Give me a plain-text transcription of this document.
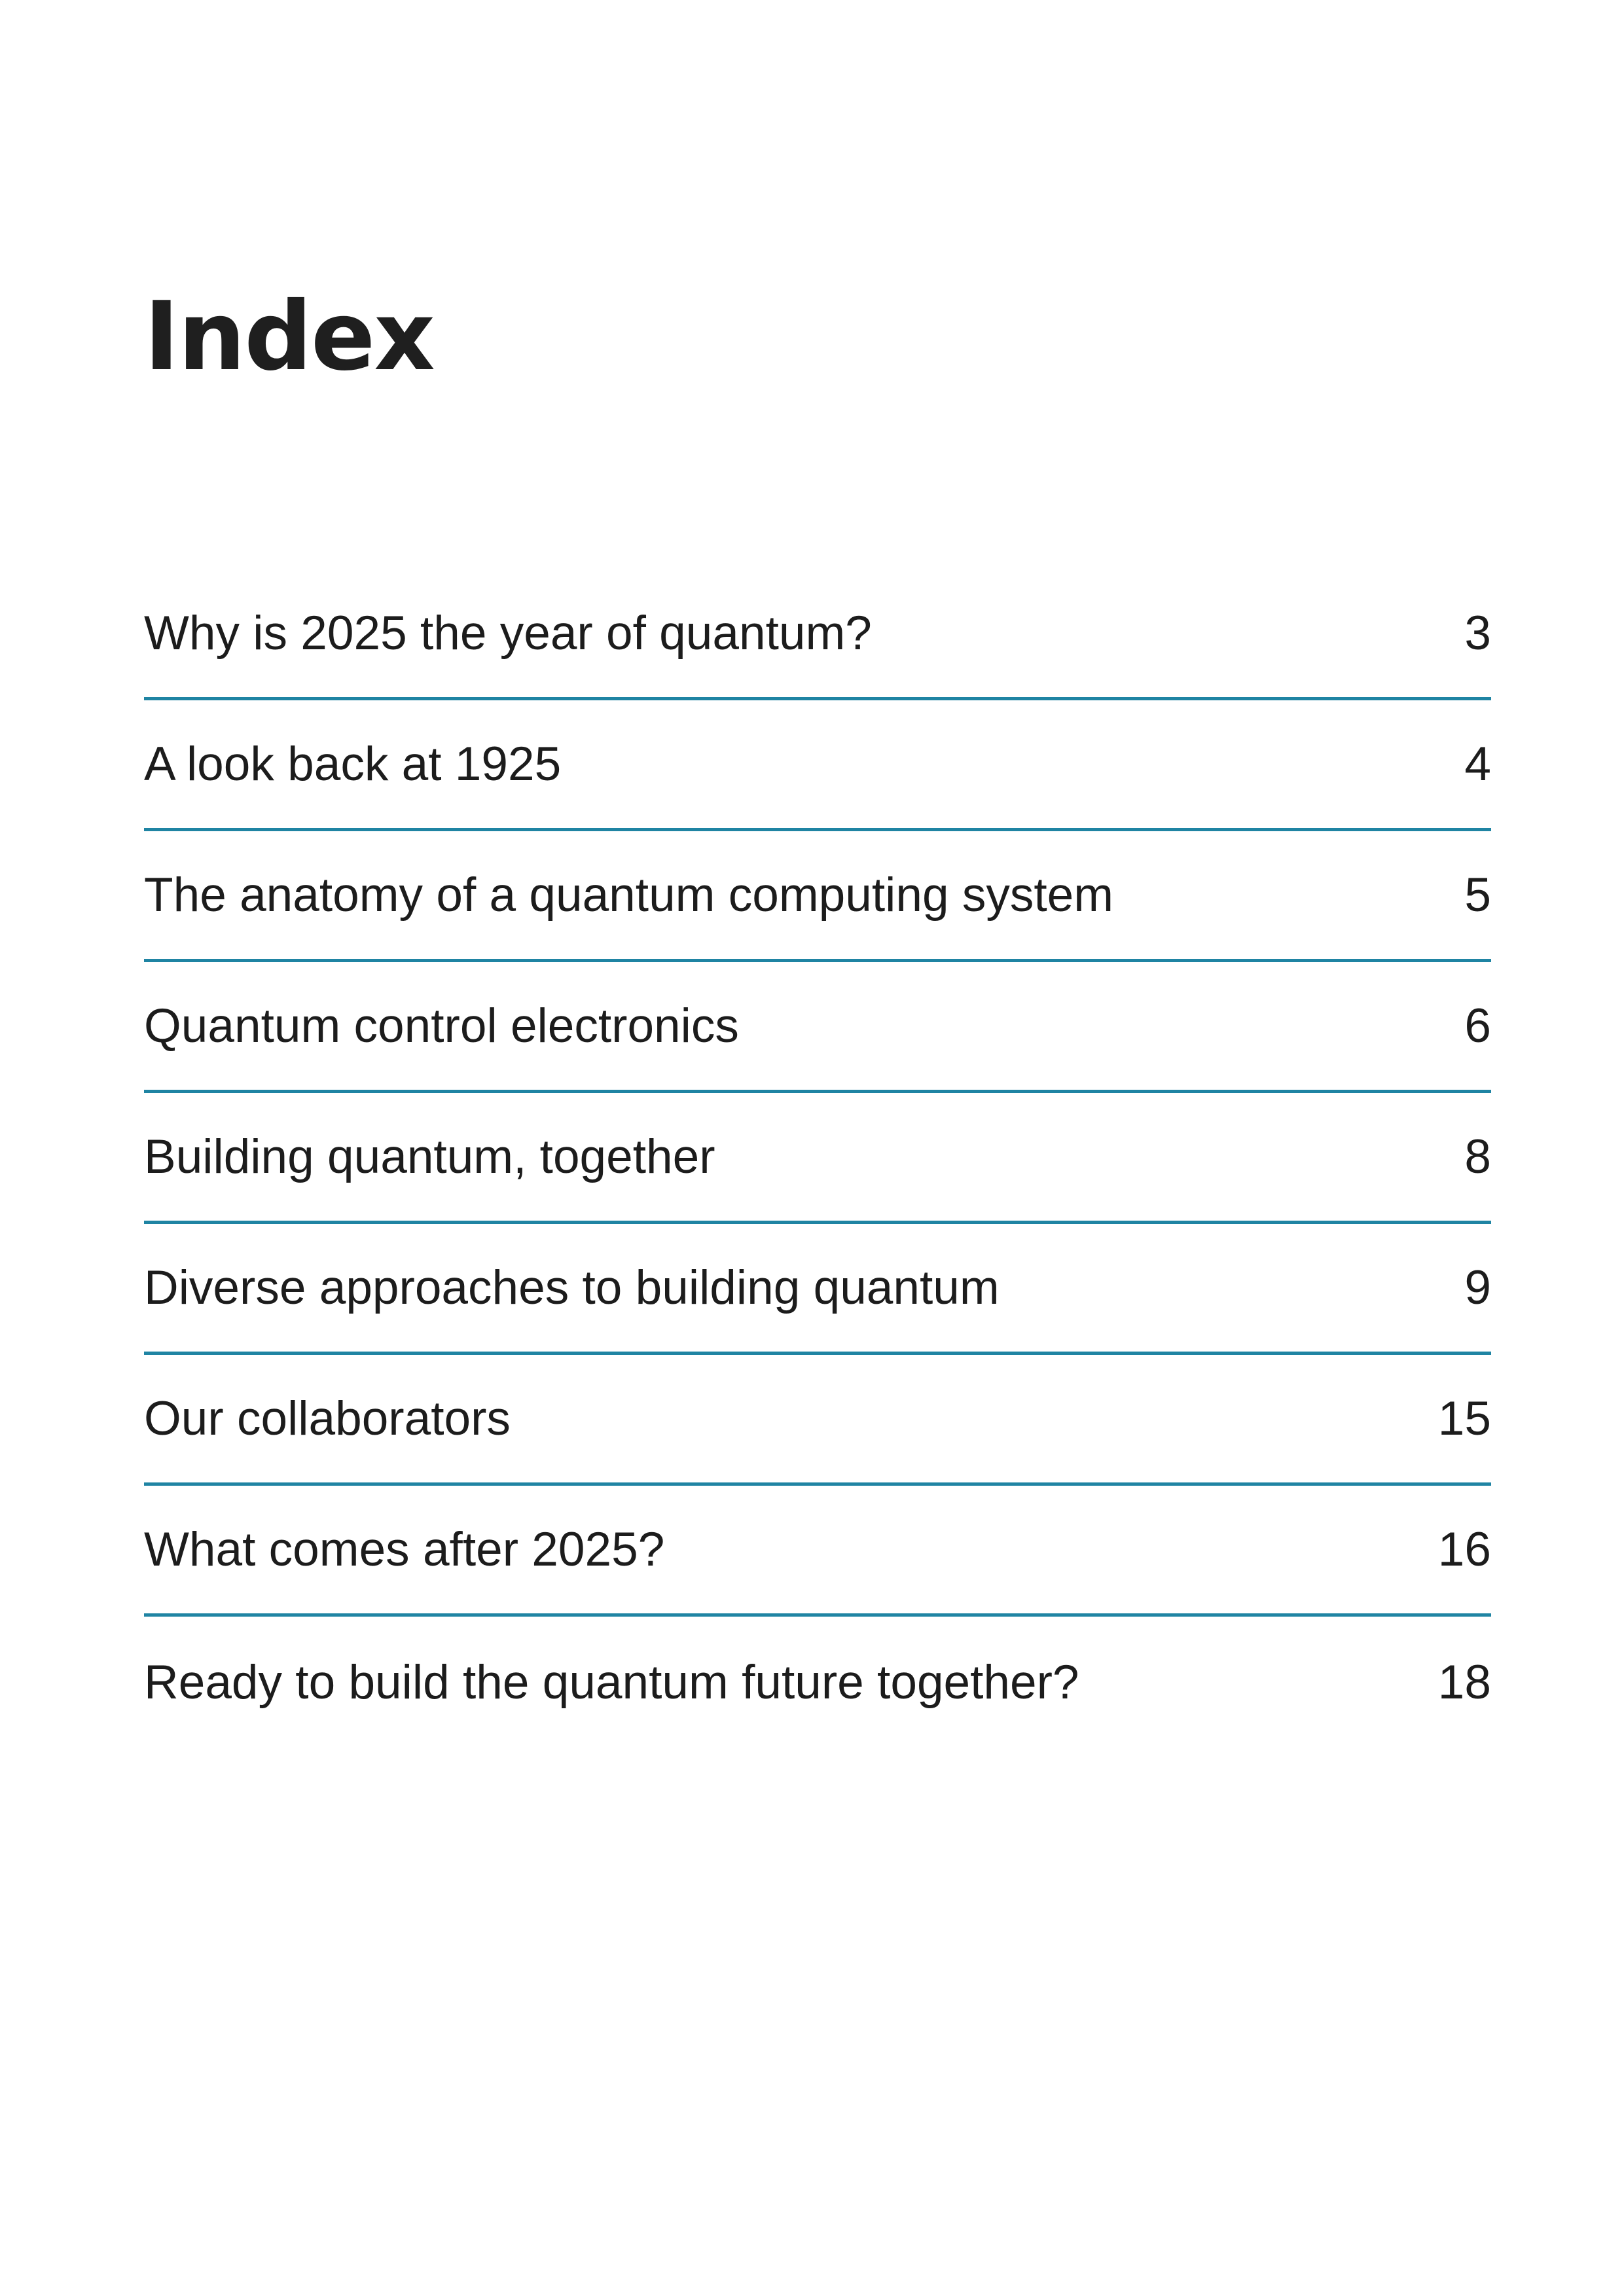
Index
Why is 2025 the year of quantum?	3
A look back at 1925	4
The anatomy of a quantum computing system	5
Quantum control electronics	6
Building quantum, together	8
Diverse approaches to building quantum	9
Our collaborators	15
What comes after 2025?	16
Ready to build the quantum future together?	18
